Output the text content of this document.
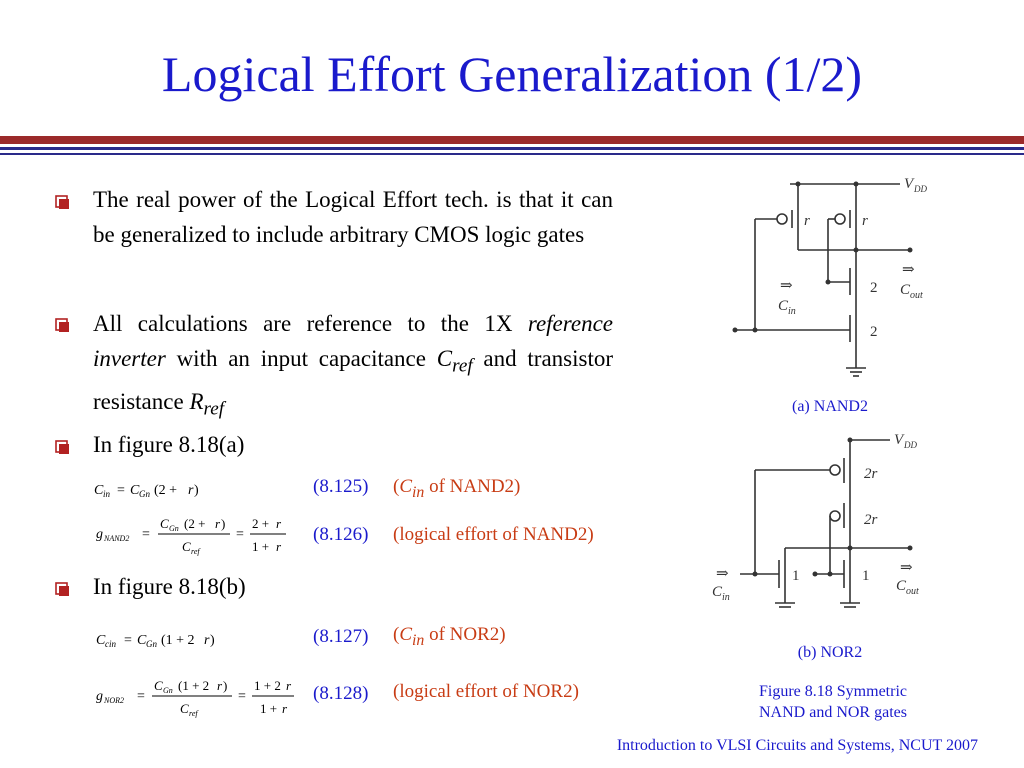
Logical Effort Generalization (1/2)
The real power of the Logical Effort tech. is that it can be generalized to include arbitrary CMOS logic gates
All calculations are reference to the 1X reference inverter with an input capacitance $C_{ref}$ and transistor resistance $R_{ref}$
In figure 8.18(a)
In figure 8.18(b)
C in = C Gn (2 + r )
g NAND2 =
C Gn (2 + r )
C ref
=
2 + r
1 + r
C cin = C Gn (1 + 2 r )
g NOR2 =
C Gn (1 + 2 r )
C ref
=
1 + 2 r
1 + r
(8.125) ($C_{in}$ of NAND2)
(8.126) (logical effort of NAND2)
(8.127) ($C_{in}$ of NOR2)
(8.128) (logical effort of NOR2)
V DD
r	r
2
2
⇒
C out
⇒
C in
(a) NAND2
V DD
2r
2r
1	1 ⇒
C out
⇒
C in
(b) NOR2
Figure 8.18 Symmetric
NAND and NOR gates
Introduction to VLSI Circuits and Systems, NCUT 2007
